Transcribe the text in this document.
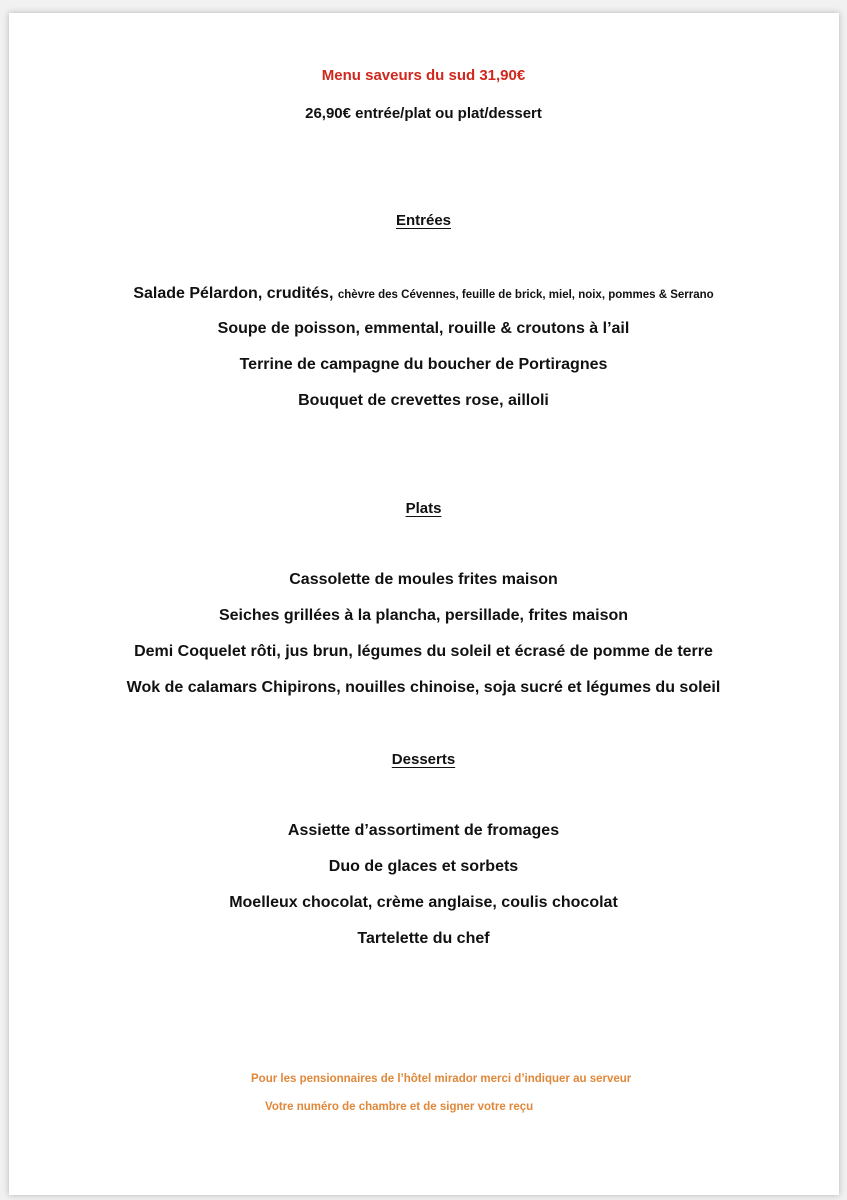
Menu saveurs du sud 31,90€
26,90€ entrée/plat ou plat/dessert
Entrées
Salade Pélardon, crudités, chèvre des Cévennes, feuille de brick, miel, noix, pommes & Serrano
Soupe de poisson, emmental, rouille & croutons à l’ail
Terrine de campagne du boucher de Portiragnes
Bouquet de crevettes rose, ailloli
Plats
Cassolette de moules frites maison
Seiches grillées à la plancha, persillade, frites maison
Demi Coquelet rôti, jus brun, légumes du soleil et écrasé de pomme de terre
Wok de calamars Chipirons, nouilles chinoise, soja sucré et légumes du soleil
Desserts
Assiette d’assortiment de fromages
Duo de glaces et sorbets
Moelleux chocolat, crème anglaise, coulis chocolat
Tartelette du chef
Pour les pensionnaires de l’hôtel mirador merci d’indiquer au serveur
Votre numéro de chambre et de signer votre reçu
